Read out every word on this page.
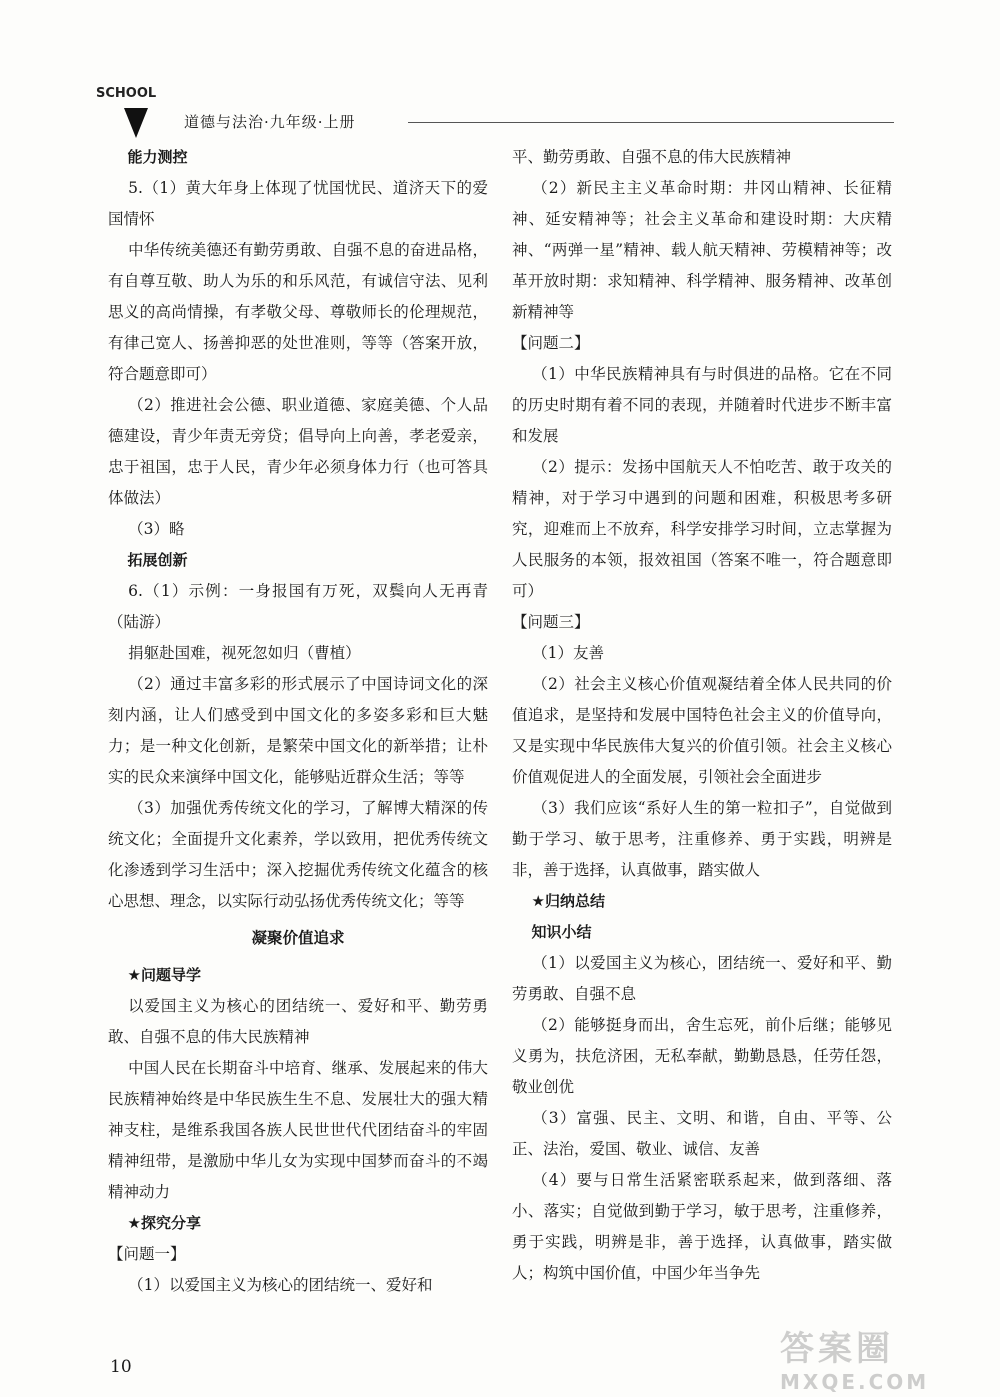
SCHOOL
道德与法治·九年级·上册

能力测控

5.（1）黄大年身上体现了忧国忧民、道济天下的爱国情怀

中华传统美德还有勤劳勇敢、自强不息的奋进品格，有自尊互敬、助人为乐的和乐风范，有诚信守法、见利思义的高尚情操，有孝敬父母、尊敬师长的伦理规范，有律己宽人、扬善抑恶的处世准则，等等（答案开放，符合题意即可）

（2）推进社会公德、职业道德、家庭美德、个人品德建设，青少年责无旁贷；倡导向上向善，孝老爱亲，忠于祖国，忠于人民，青少年必须身体力行（也可答具体做法）

（3）略

拓展创新

6.（1）示例：一身报国有万死，双鬓向人无再青（陆游）

捐躯赴国难，视死忽如归（曹植）

（2）通过丰富多彩的形式展示了中国诗词文化的深刻内涵，让人们感受到中国文化的多姿多彩和巨大魅力；是一种文化创新，是繁荣中国文化的新举措；让朴实的民众来演绎中国文化，能够贴近群众生活；等等

（3）加强优秀传统文化的学习，了解博大精深的传统文化；全面提升文化素养，学以致用，把优秀传统文化渗透到学习生活中；深入挖掘优秀传统文化蕴含的核心思想、理念，以实际行动弘扬优秀传统文化；等等

凝聚价值追求

★问题导学

以爱国主义为核心的团结统一、爱好和平、勤劳勇敢、自强不息的伟大民族精神

中国人民在长期奋斗中培育、继承、发展起来的伟大民族精神始终是中华民族生生不息、发展壮大的强大精神支柱，是维系我国各族人民世世代代团结奋斗的牢固精神纽带，是激励中华儿女为实现中国梦而奋斗的不竭精神动力

★探究分享

【问题一】

（1）以爱国主义为核心的团结统一、爱好和

平、勤劳勇敢、自强不息的伟大民族精神

（2）新民主主义革命时期：井冈山精神、长征精神、延安精神等；社会主义革命和建设时期：大庆精神、“两弹一星”精神、载人航天精神、劳模精神等；改革开放时期：求知精神、科学精神、服务精神、改革创新精神等

【问题二】

（1）中华民族精神具有与时俱进的品格。它在不同的历史时期有着不同的表现，并随着时代进步不断丰富和发展

（2）提示：发扬中国航天人不怕吃苦、敢于攻关的精神，对于学习中遇到的问题和困难，积极思考多研究，迎难而上不放弃，科学安排学习时间，立志掌握为人民服务的本领，报效祖国（答案不唯一，符合题意即可）

【问题三】

（1）友善

（2）社会主义核心价值观凝结着全体人民共同的价值追求，是坚持和发展中国特色社会主义的价值导向，又是实现中华民族伟大复兴的价值引领。社会主义核心价值观促进人的全面发展，引领社会全面进步

（3）我们应该“系好人生的第一粒扣子”，自觉做到勤于学习、敏于思考，注重修养、勇于实践，明辨是非，善于选择，认真做事，踏实做人

★归纳总结

知识小结

（1）以爱国主义为核心，团结统一、爱好和平、勤劳勇敢、自强不息

（2）能够挺身而出，舍生忘死，前仆后继；能够见义勇为，扶危济困，无私奉献，勤勤恳恳，任劳任怨，敬业创优

（3）富强、民主、文明、和谐，自由、平等、公正、法治，爱国、敬业、诚信、友善

（4）要与日常生活紧密联系起来，做到落细、落小、落实；自觉做到勤于学习，敏于思考，注重修养，勇于实践，明辨是非，善于选择，认真做事，踏实做人；构筑中国价值，中国少年当争先

10	答案圈
MXQE.COM
